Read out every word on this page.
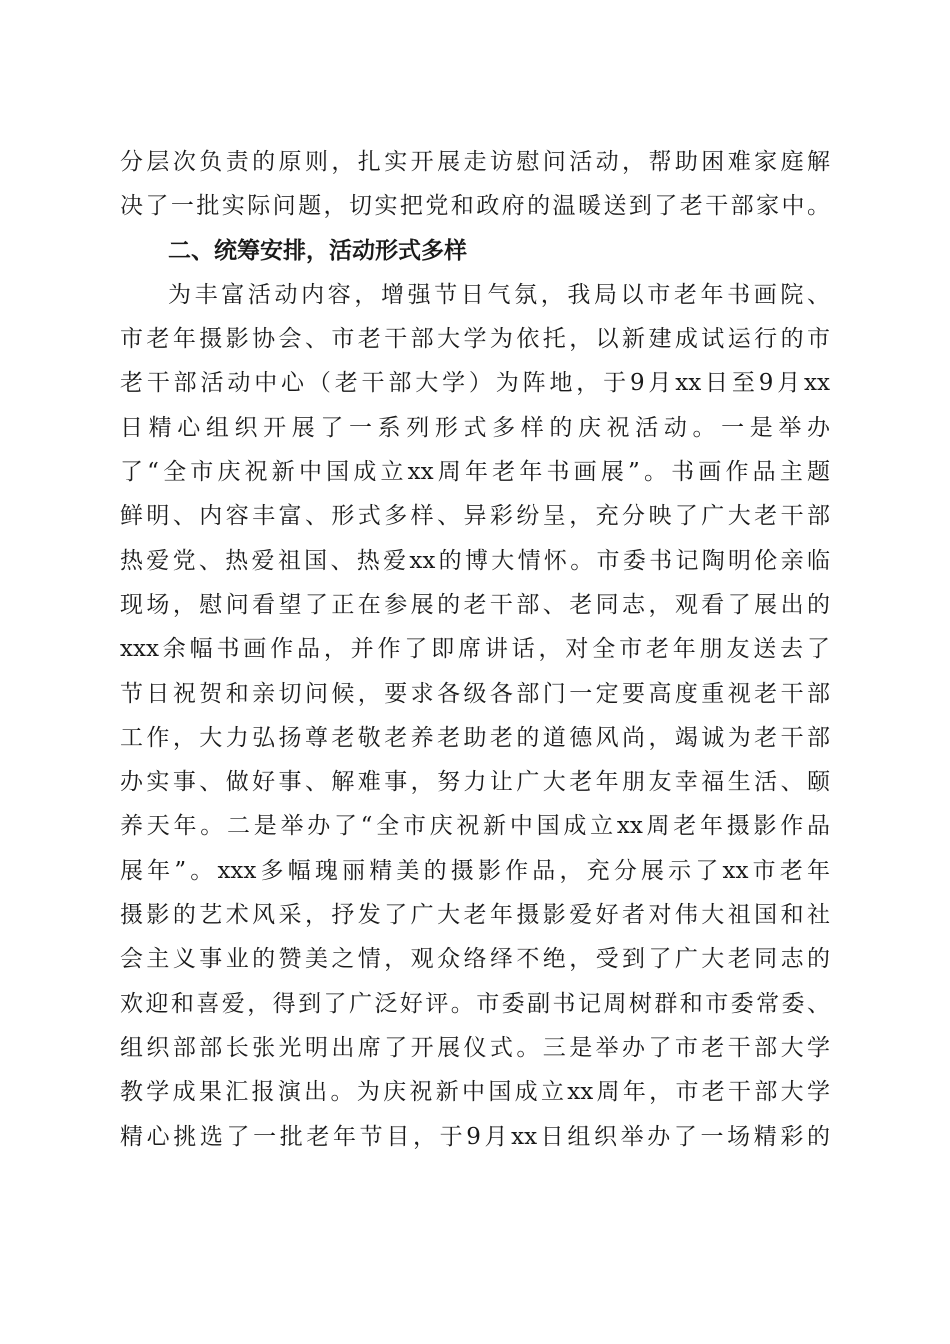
分层次负责的原则，扎实开展走访慰问活动，帮助困难家庭解
决了一批实际问题，切实把党和政府的温暖送到了老干部家中。
二、统筹安排，活动形式多样
为丰富活动内容，增强节日气氛，我局以市老年书画院、
市老年摄影协会、市老干部大学为依托，以新建成试运行的市
老干部活动中心（老干部大学）为阵地，于9月xx日至9月xx
日精心组织开展了一系列形式多样的庆祝活动。一是举办
了“全市庆祝新中国成立xx周年老年书画展”。书画作品主题
鲜明、内容丰富、形式多样、异彩纷呈，充分映了广大老干部
热爱党、热爱祖国、热爱xx的博大情怀。市委书记陶明伦亲临
现场，慰问看望了正在参展的老干部、老同志，观看了展出的
xxx余幅书画作品，并作了即席讲话，对全市老年朋友送去了
节日祝贺和亲切问候，要求各级各部门一定要高度重视老干部
工作，大力弘扬尊老敬老养老助老的道德风尚，竭诚为老干部
办实事、做好事、解难事，努力让广大老年朋友幸福生活、颐
养天年。二是举办了“全市庆祝新中国成立xx周老年摄影作品
展年”。xxx多幅瑰丽精美的摄影作品，充分展示了xx市老年
摄影的艺术风采，抒发了广大老年摄影爱好者对伟大祖国和社
会主义事业的赞美之情，观众络绎不绝，受到了广大老同志的
欢迎和喜爱，得到了广泛好评。市委副书记周树群和市委常委、
组织部部长张光明出席了开展仪式。三是举办了市老干部大学
教学成果汇报演出。为庆祝新中国成立xx周年，市老干部大学
精心挑选了一批老年节目，于9月xx日组织举办了一场精彩的
